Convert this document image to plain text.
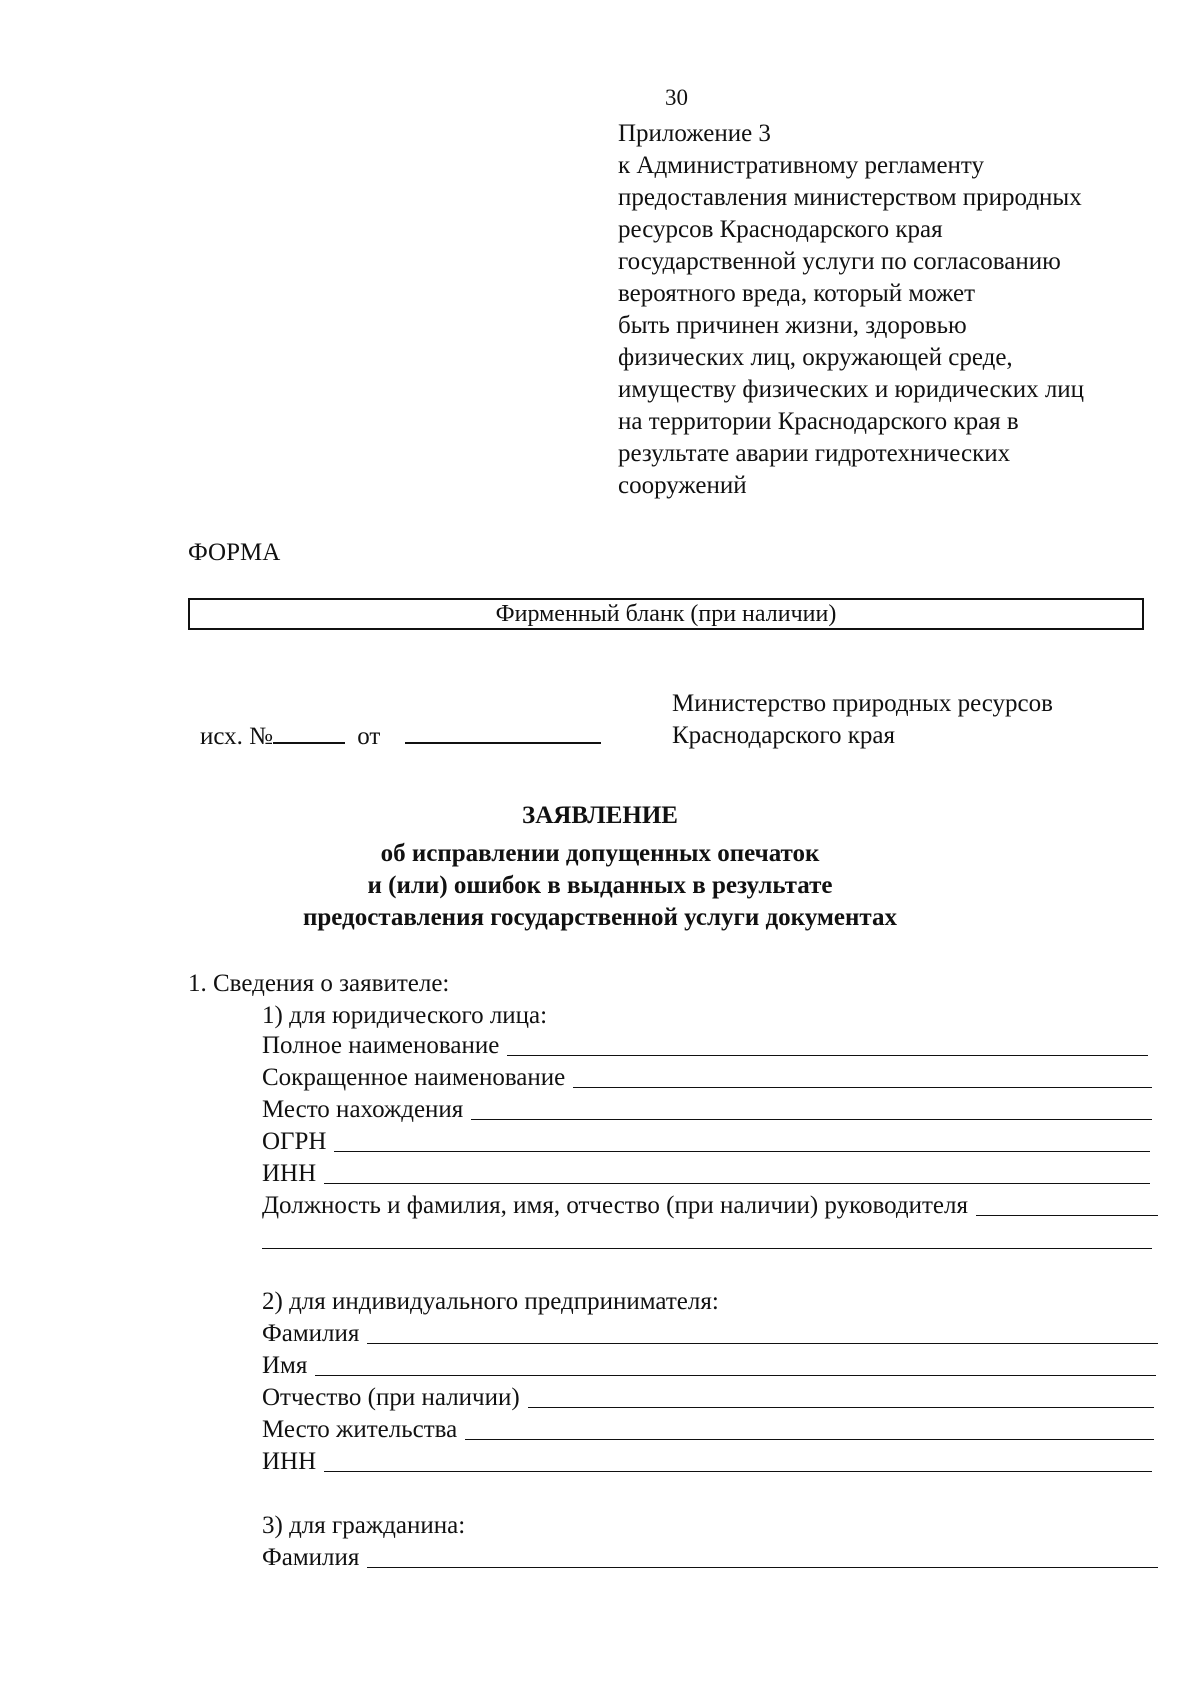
30
Приложение 3
к Административному регламенту
предоставления министерством природных
ресурсов Краснодарского края
государственной услуги по согласованию
вероятного вреда, который может
быть причинен жизни, здоровью
физических лиц, окружающей среде,
имуществу физических и юридических лиц
на территории Краснодарского края в
результате аварии гидротехнических
сооружений
ФОРМА
Фирменный бланк (при наличии)
Министерство природных ресурсов
Краснодарского края
исх. №	от
ЗАЯВЛЕНИЕ
об исправлении допущенных опечаток
и (или) ошибок в выданных в результате
предоставления государственной услуги документах
1. Сведения о заявителе:
1) для юридического лица:
Полное наименование
Сокращенное наименование
Место нахождения
ОГРН
ИНН
Должность и фамилия, имя, отчество (при наличии) руководителя
2) для индивидуального предпринимателя:
Фамилия
Имя
Отчество (при наличии)
Место жительства
ИНН
3) для гражданина:
Фамилия
